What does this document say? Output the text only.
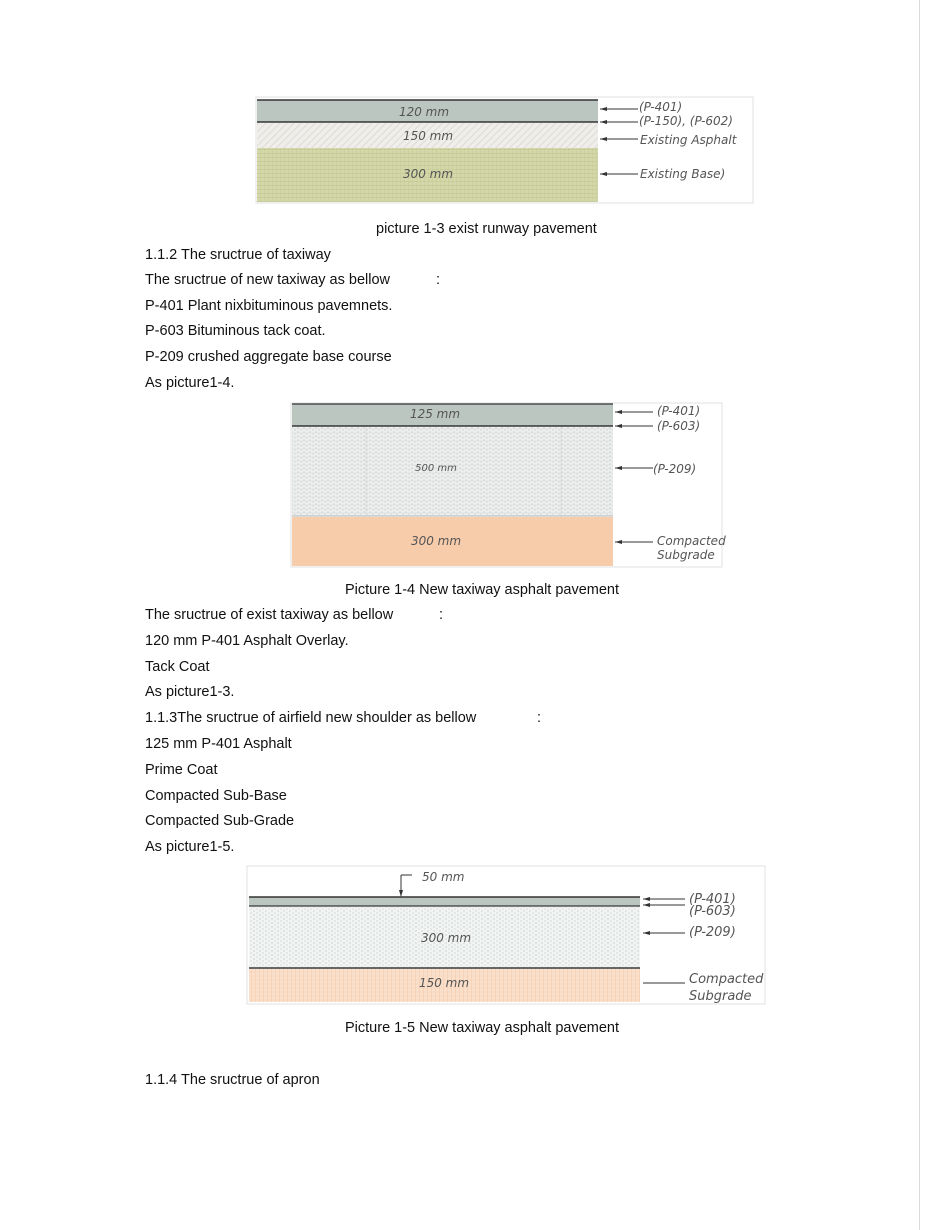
120 mm
150 mm
300 mm
(P-401)
(P-150), (P-602)
Existing Asphalt
Existing Base)
picture 1-3 exist runway pavement
1.1.2 The sructrue of taxiway
The sructrue of new taxiway as bellow	:
P-401 Plant nixbituminous pavemnets.
P-603 Bituminous tack coat.
P-209 crushed aggregate base course
As picture1-4.
125 mm
500 mm
300 mm
(P-401)
(P-603)
(P-209)
Compacted
Subgrade
Picture 1-4 New taxiway asphalt pavement
The sructrue of exist taxiway as bellow	:
120 mm P-401 Asphalt Overlay.
Tack Coat
As picture1-3.
1.1.3The sructrue of airfield new shoulder as bellow	:
125 mm P-401 Asphalt
Prime Coat
Compacted Sub-Base
Compacted Sub-Grade
As picture1-5.
50 mm
300 mm
150 mm
(P-401)
(P-603)
(P-209)
Compacted
Subgrade
Picture 1-5 New taxiway asphalt pavement
1.1.4 The sructrue of apron
